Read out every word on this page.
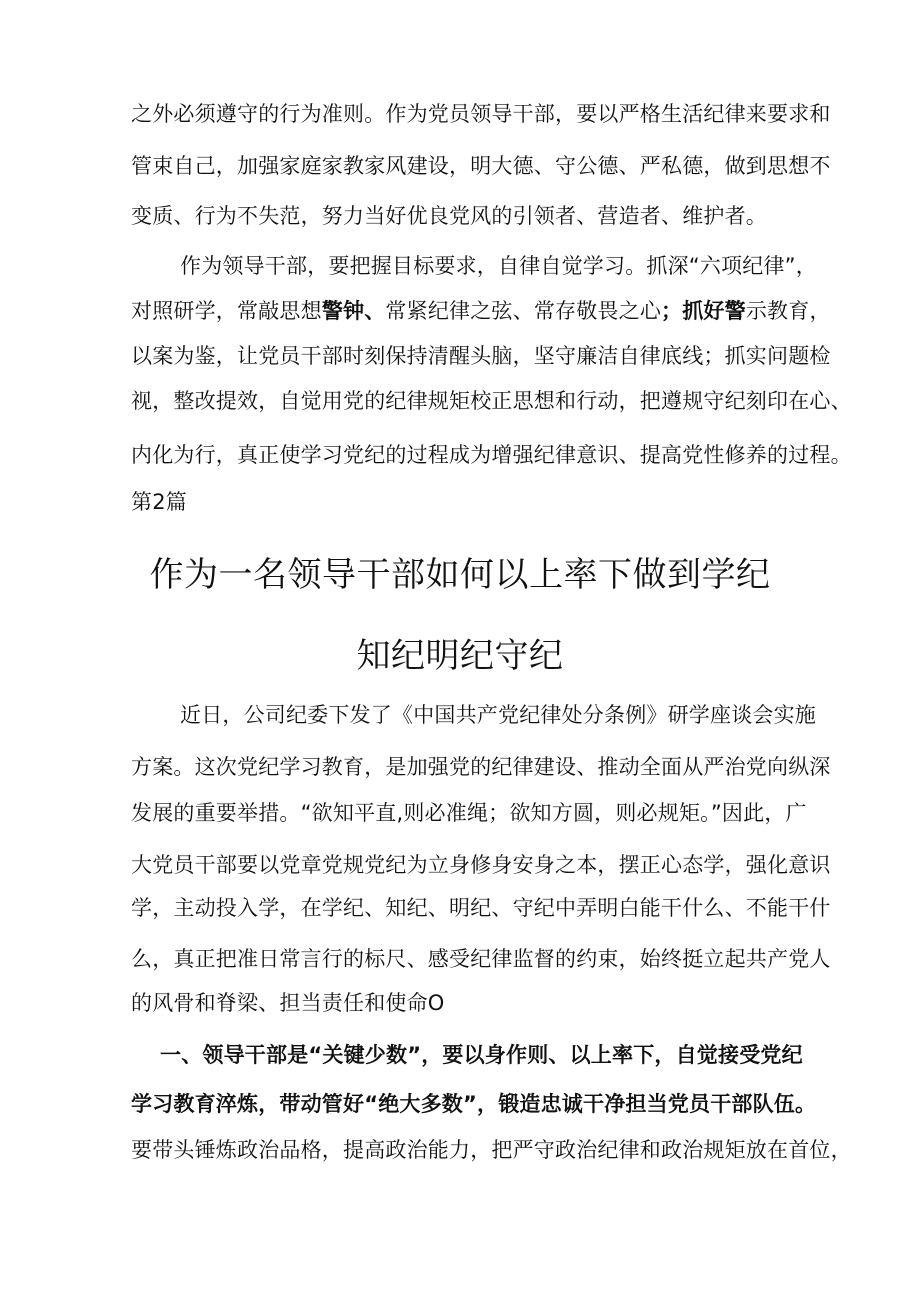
之外必须遵守的行为准则。作为党员领导干部，要以严格生活纪律来要求和
管束自己，加强家庭家教家风建设，明大德、守公德、严私德，做到思想不
变质、行为不失范，努力当好优良党风的引领者、营造者、维护者。
作为领导干部，要把握目标要求，自律自觉学习。抓深“六项纪律”，
对照研学，常敲思想警钟、常紧纪律之弦、常存敬畏之心；抓好警示教育，
以案为鉴，让党员干部时刻保持清醒头脑，坚守廉洁自律底线；抓实问题检
视，整改提效，自觉用党的纪律规矩校正思想和行动，把遵规守纪刻印在心、
内化为行，真正使学习党纪的过程成为增强纪律意识、提高党性修养的过程。
第2篇
作为一名领导干部如何以上率下做到学纪
知纪明纪守纪
近日，公司纪委下发了《中国共产党纪律处分条例》研学座谈会实施
方案。这次党纪学习教育，是加强党的纪律建设、推动全面从严治党向纵深
发展的重要举措。“欲知平直,则必准绳；欲知方圆，则必规矩。”因此，广
大党员干部要以党章党规党纪为立身修身安身之本，摆正心态学，强化意识
学，主动投入学，在学纪、知纪、明纪、守纪中弄明白能干什么、不能干什
么，真正把准日常言行的标尺、感受纪律监督的约束，始终挺立起共产党人
的风骨和脊梁、担当责任和使命O
一、领导干部是“关键少数”，要以身作则、以上率下，自觉接受党纪
学习教育淬炼，带动管好“绝大多数”，锻造忠诚干净担当党员干部队伍。
要带头锤炼政治品格，提高政治能力，把严守政治纪律和政治规矩放在首位，
